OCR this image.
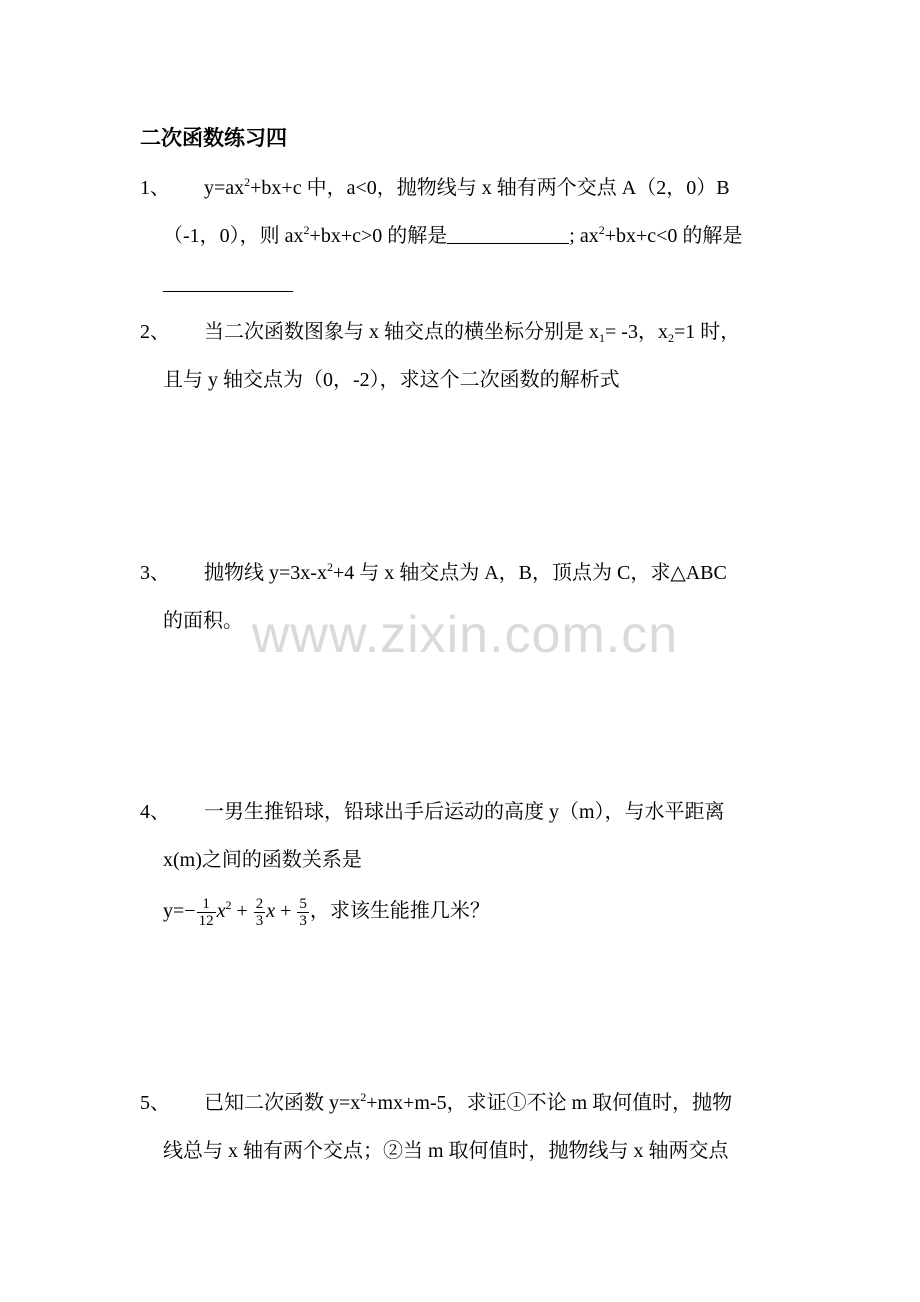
二次函数练习四
1、 $y=ax^2+bx+c$ 中，a<0，抛物线与 x 轴有两个交点 A（2，0）B
（-1，0），则 $ax^2+bx+c>0$ 的解是	; $ax^2+bx+c<0$ 的解是
2、 当二次函数图象与 x 轴交点的横坐标分别是 $x_1= -3$，$x_2=1$ 时，
且与 y 轴交点为（0，-2），求这个二次函数的解析式
3、 抛物线 $y=3x-x^2+4$ 与 x 轴交点为 A，B，顶点为 C，求△ABC
的面积。
4、 一男生推铅球，铅球出手后运动的高度 y（m），与水平距离
x(m)之间的函数关系是
$y=- \frac{1}{12} x^2 + \frac{2}{3}$ $x + \frac{5}{3}$ ，求该生能推几米？
5、 已知二次函数 $y=x^2+mx+m-5$，求证①不论 m 取何值时，抛物
线总与 x 轴有两个交点；②当 m 取何值时，抛物线与 x 轴两交点
www.zixin.com.cn
